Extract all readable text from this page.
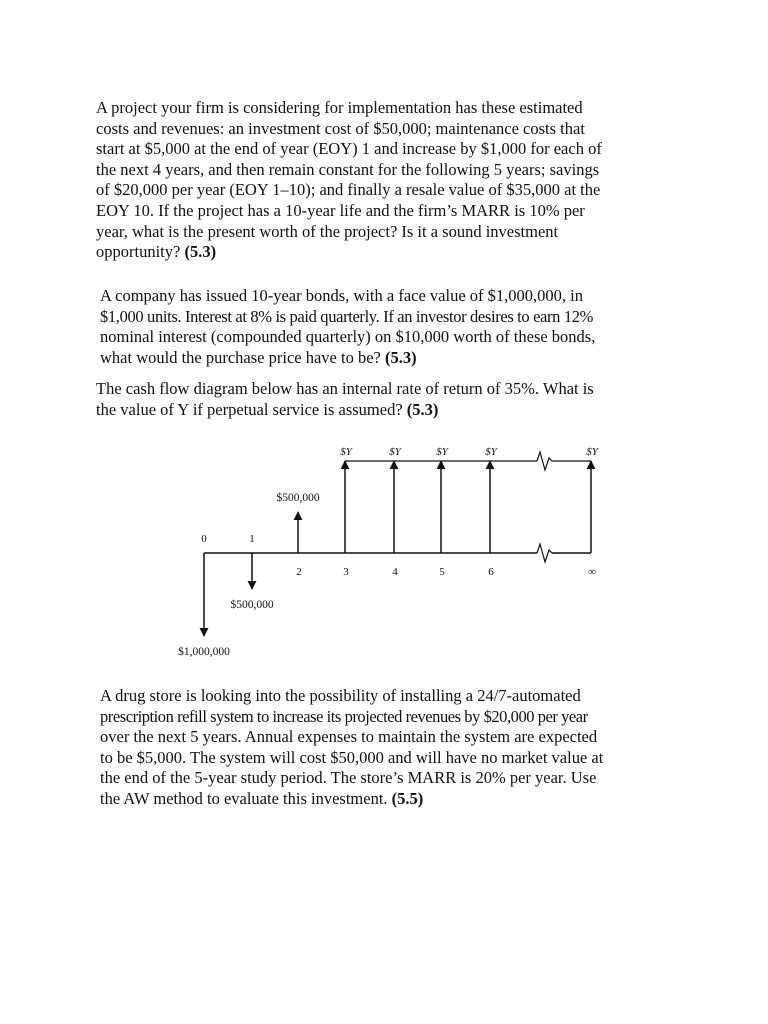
A project your firm is considering for implementation has these estimated
costs and revenues: an investment cost of $50,000; maintenance costs that
start at $5,000 at the end of year (EOY) 1 and increase by $1,000 for each of
the next 4 years, and then remain constant for the following 5 years; savings
of $20,000 per year (EOY 1–10); and finally a resale value of $35,000 at the
EOY 10. If the project has a 10-year life and the firm’s MARR is 10% per
year, what is the present worth of the project? Is it a sound investment
opportunity? (5.3)
A company has issued 10-year bonds, with a face value of $1,000,000, in
$1,000 units. Interest at 8% is paid quarterly. If an investor desires to earn 12%
nominal interest (compounded quarterly) on $10,000 worth of these bonds,
what would the purchase price have to be? (5.3)
The cash flow diagram below has an internal rate of return of 35%. What is
the value of Y if perpetual service is assumed? (5.3)
0	1
2	3	4	5	6	∞
$500,000
$500,000
$1,000,000
$Y	$Y	$Y	$Y	$Y
A drug store is looking into the possibility of installing a 24/7-automated
prescription refill system to increase its projected revenues by $20,000 per year
over the next 5 years. Annual expenses to maintain the system are expected
to be $5,000. The system will cost $50,000 and will have no market value at
the end of the 5-year study period. The store’s MARR is 20% per year. Use
the AW method to evaluate this investment. (5.5)
